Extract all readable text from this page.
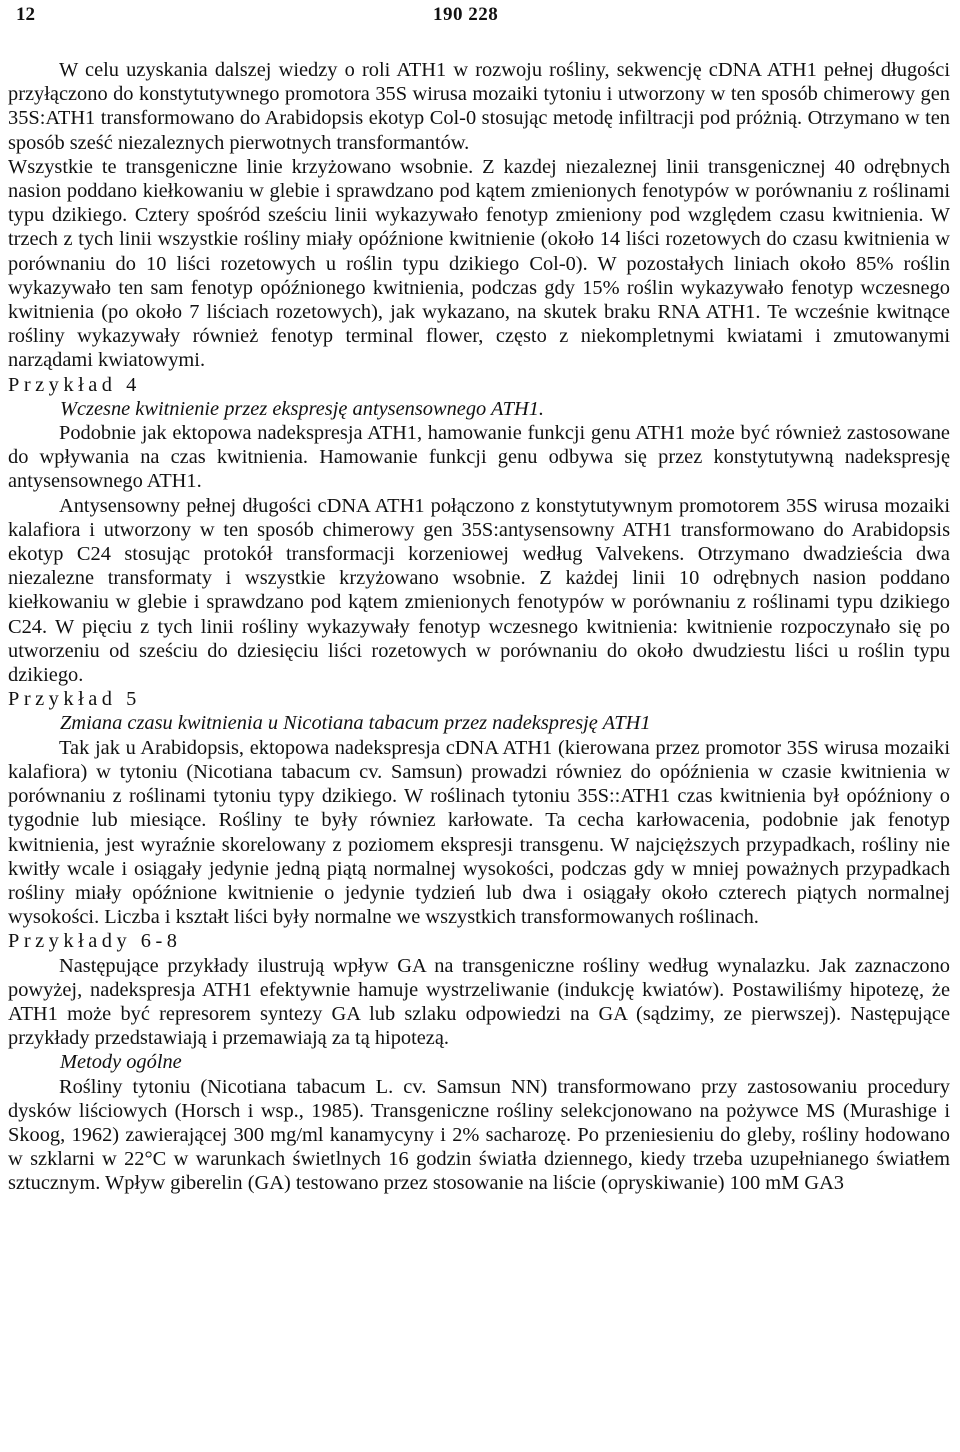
12	190 228

W celu uzyskania dalszej wiedzy o roli ATH1 w rozwoju rośliny, sekwencję cDNA ATH1 pełnej długości przyłączono do konstytutywnego promotora 35S wirusa mozaiki tytoniu i utworzony w ten sposób chimerowy gen 35S:ATH1 transformowano do Arabidopsis ekotyp Col-0 stosując metodę infiltracji pod próżnią. Otrzymano w ten sposób sześć niezaleznych pierwotnych transformantów.

Wszystkie te transgeniczne linie krzyżowano wsobnie. Z kazdej niezaleznej linii transgenicznej 40 odrębnych nasion poddano kiełkowaniu w glebie i sprawdzano pod kątem zmienionych fenotypów w porównaniu z roślinami typu dzikiego. Cztery spośród sześciu linii wykazywało fenotyp zmieniony pod względem czasu kwitnienia. W trzech z tych linii wszystkie rośliny miały opóźnione kwitnienie (około 14 liści rozetowych do czasu kwitnienia w porównaniu do 10 liści rozetowych u roślin typu dzikiego Col-0). W pozostałych liniach około 85% roślin wykazywało ten sam fenotyp opóźnionego kwitnienia, podczas gdy 15% roślin wykazywało fenotyp wczesnego kwitnienia (po około 7 liściach rozetowych), jak wykazano, na skutek braku RNA ATH1. Te wcześnie kwitnące rośliny wykazywały również fenotyp terminal flower, często z niekompletnymi kwiatami i zmutowanymi narządami kwiatowymi.

Przykład 4

Wczesne kwitnienie przez ekspresję antysensownego ATH1.

Podobnie jak ektopowa nadekspresja ATH1, hamowanie funkcji genu ATH1 może być również zastosowane do wpływania na czas kwitnienia. Hamowanie funkcji genu odbywa się przez konstytutywną nadekspresję antysensownego ATH1.

Antysensowny pełnej długości cDNA ATH1 połączono z konstytutywnym promotorem 35S wirusa mozaiki kalafiora i utworzony w ten sposób chimerowy gen 35S:antysensowny ATH1 transformowano do Arabidopsis ekotyp C24 stosując protokół transformacji korzeniowej według Valvekens. Otrzymano dwadzieścia dwa niezalezne transformaty i wszystkie krzyżowano wsobnie. Z każdej linii 10 odrębnych nasion poddano kiełkowaniu w glebie i sprawdzano pod kątem zmienionych fenotypów w porównaniu z roślinami typu dzikiego C24. W pięciu z tych linii rośliny wykazywały fenotyp wczesnego kwitnienia: kwitnienie rozpoczynało się po utworzeniu od sześciu do dziesięciu liści rozetowych w porównaniu do około dwudziestu liści u roślin typu dzikiego.

Przykład 5

Zmiana czasu kwitnienia u Nicotiana tabacum przez nadekspresję ATH1

Tak jak u Arabidopsis, ektopowa nadekspresja cDNA ATH1 (kierowana przez promotor 35S wirusa mozaiki kalafiora) w tytoniu (Nicotiana tabacum cv. Samsun) prowadzi równiez do opóźnienia w czasie kwitnienia w porównaniu z roślinami tytoniu typy dzikiego. W roślinach tytoniu 35S::ATH1 czas kwitnienia był opóźniony o tygodnie lub miesiące. Rośliny te były równiez karłowate. Ta cecha karłowacenia, podobnie jak fenotyp kwitnienia, jest wyraźnie skorelowany z poziomem ekspresji transgenu. W najcięższych przypadkach, rośliny nie kwitły wcale i osiągały jedynie jedną piątą normalnej wysokości, podczas gdy w mniej poważnych przypadkach rośliny miały opóźnione kwitnienie o jedynie tydzień lub dwa i osiągały około czterech piątych normalnej wysokości. Liczba i kształt liści były normalne we wszystkich transformowanych roślinach.

Przykłady 6-8

Następujące przykłady ilustrują wpływ GA na transgeniczne rośliny według wynalazku. Jak zaznaczono powyżej, nadekspresja ATH1 efektywnie hamuje wystrzeliwanie (indukcję kwiatów). Postawiliśmy hipotezę, że ATH1 może być represorem syntezy GA lub szlaku odpowiedzi na GA (sądzimy, ze pierwszej). Następujące przykłady przedstawiają i przemawiają za tą hipotezą.

Metody ogólne

Rośliny tytoniu (Nicotiana tabacum L. cv. Samsun NN) transformowano przy zastosowaniu procedury dysków liściowych (Horsch i wsp., 1985). Transgeniczne rośliny selekcjonowano na pożywce MS (Murashige i Skoog, 1962) zawierającej 300 mg/ml kanamycyny i 2% sacharozę. Po przeniesieniu do gleby, rośliny hodowano w szklarni w 22°C w warunkach świetlnych 16 godzin światła dziennego, kiedy trzeba uzupełnianego światłem sztucznym. Wpływ giberelin (GA) testowano przez stosowanie na liście (opryskiwanie) 100 mM GA3
